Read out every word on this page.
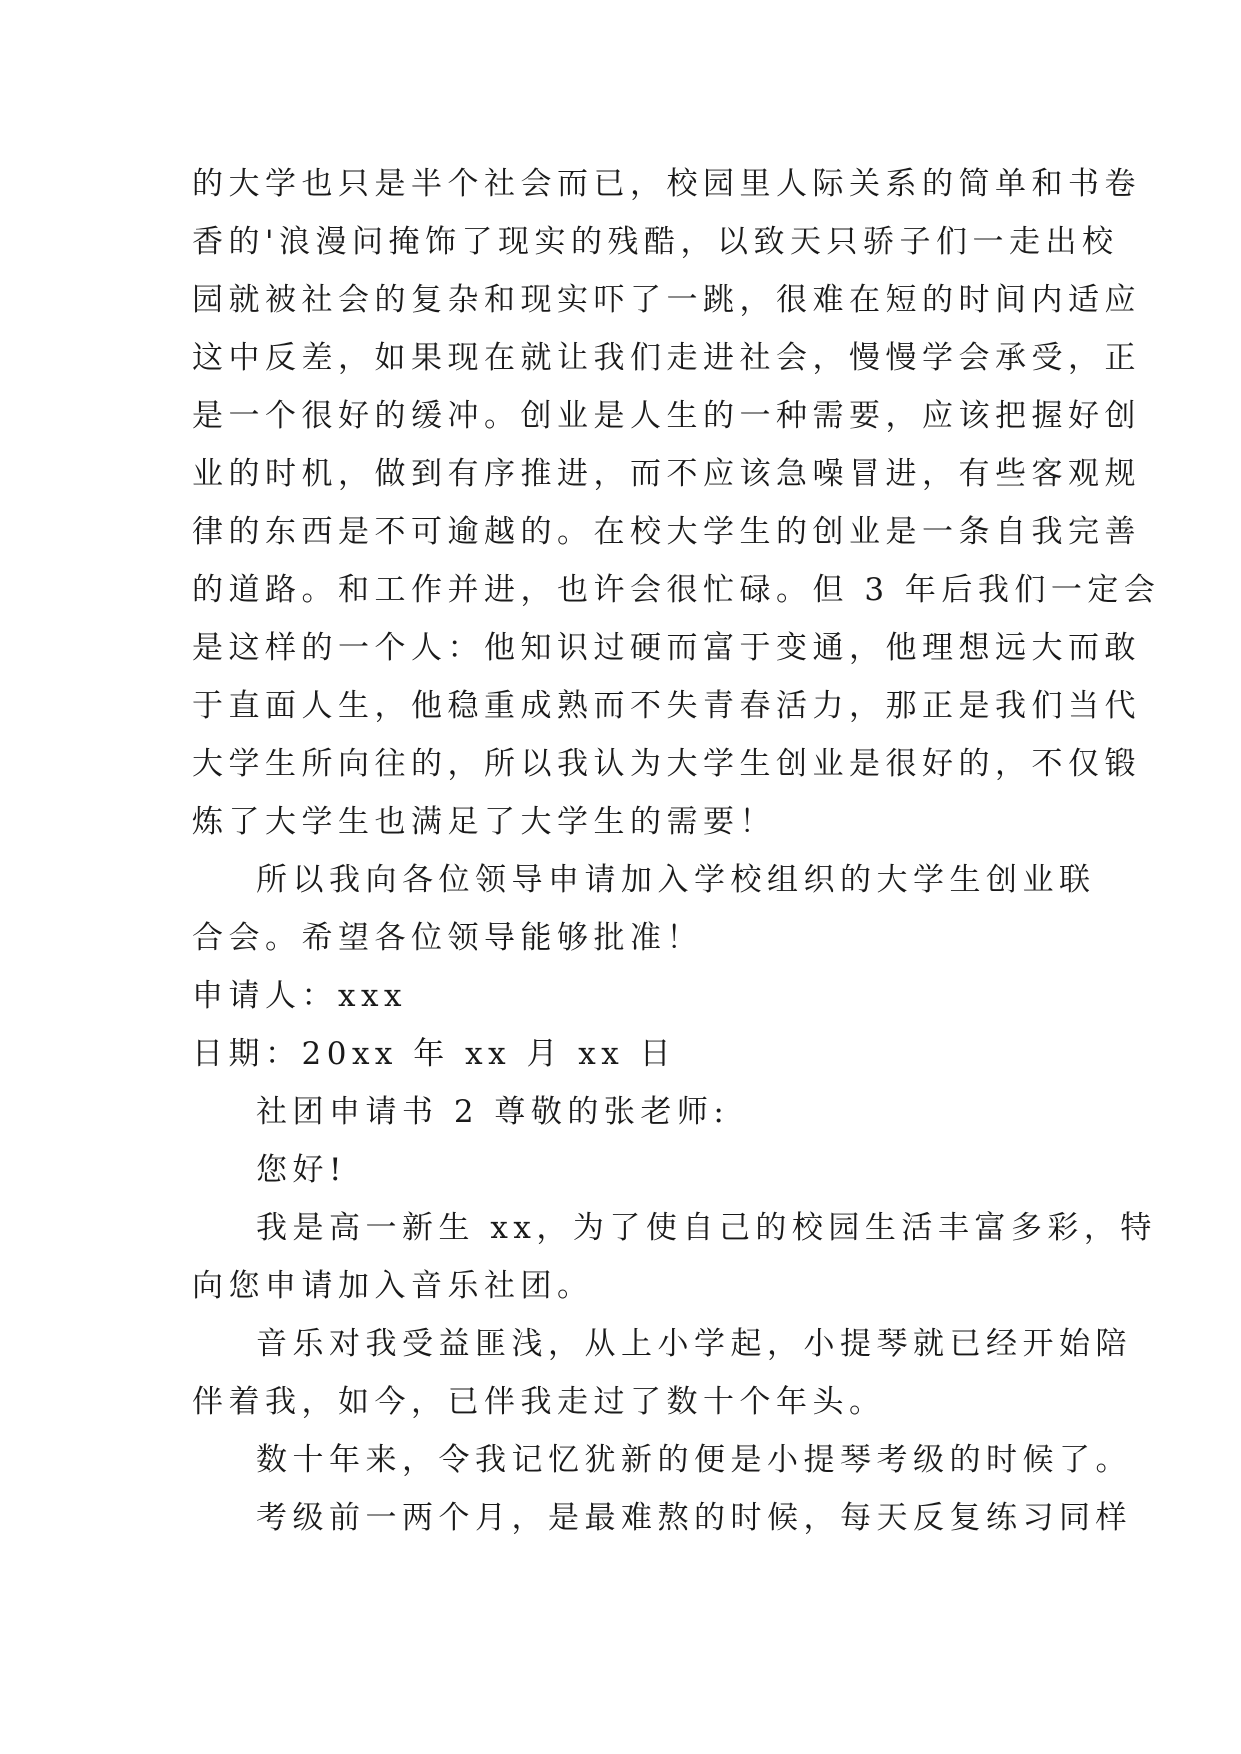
的大学也只是半个社会而已，校园里人际关系的简单和书卷
香的'浪漫问掩饰了现实的残酷，以致天只骄子们一走出校
园就被社会的复杂和现实吓了一跳，很难在短的时间内适应
这中反差，如果现在就让我们走进社会，慢慢学会承受，正
是一个很好的缓冲。创业是人生的一种需要，应该把握好创
业的时机，做到有序推进，而不应该急噪冒进，有些客观规
律的东西是不可逾越的。在校大学生的创业是一条自我完善
的道路。和工作并进，也许会很忙碌。但 3 年后我们一定会
是这样的一个人：他知识过硬而富于变通，他理想远大而敢
于直面人生，他稳重成熟而不失青春活力，那正是我们当代
大学生所向往的，所以我认为大学生创业是很好的，不仅锻
炼了大学生也满足了大学生的需要！
所以我向各位领导申请加入学校组织的大学生创业联
合会。希望各位领导能够批准！
申请人：xxx
日期：20xx 年 xx 月 xx 日
社团申请书 2 尊敬的张老师:
您好!
我是高一新生 xx，为了使自己的校园生活丰富多彩，特
向您申请加入音乐社团。
音乐对我受益匪浅，从上小学起，小提琴就已经开始陪
伴着我，如今，已伴我走过了数十个年头。
数十年来，令我记忆犹新的便是小提琴考级的时候了。
考级前一两个月，是最难熬的时候，每天反复练习同样
